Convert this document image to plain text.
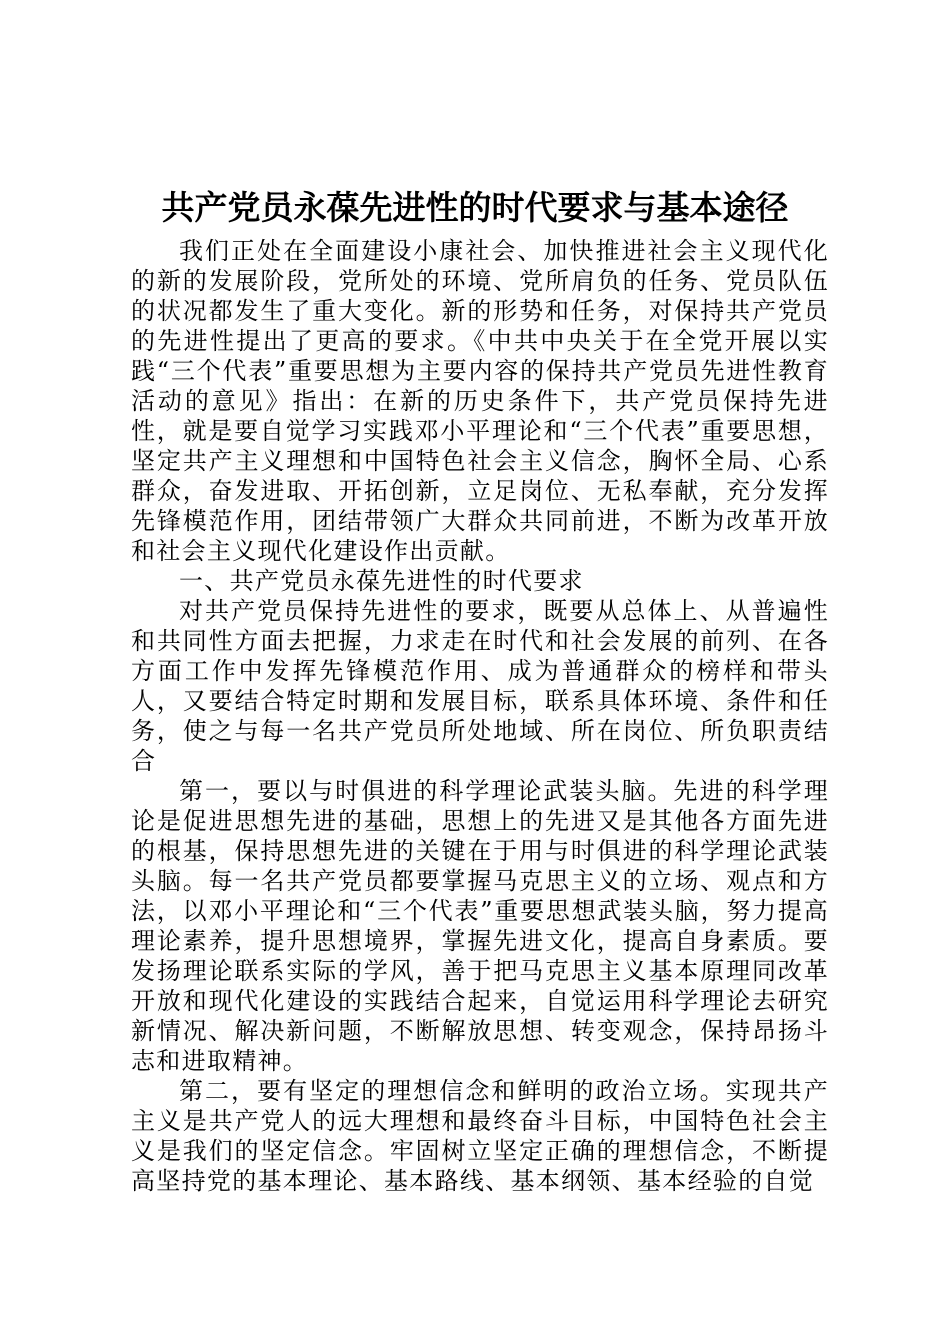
共产党员永葆先进性的时代要求与基本途径

我们正处在全面建设小康社会、加快推进社会主义现代化的新的发展阶段，党所处的环境、党所肩负的任务、党员队伍的状况都发生了重大变化。新的形势和任务，对保持共产党员的先进性提出了更高的要求。《中共中央关于在全党开展以实践“三个代表”重要思想为主要内容的保持共产党员先进性教育活动的意见》指出：在新的历史条件下，共产党员保持先进性，就是要自觉学习实践邓小平理论和“三个代表”重要思想，坚定共产主义理想和中国特色社会主义信念，胸怀全局、心系群众，奋发进取、开拓创新，立足岗位、无私奉献，充分发挥先锋模范作用，团结带领广大群众共同前进，不断为改革开放和社会主义现代化建设作出贡献。

一、共产党员永葆先进性的时代要求

对共产党员保持先进性的要求，既要从总体上、从普遍性和共同性方面去把握，力求走在时代和社会发展的前列、在各方面工作中发挥先锋模范作用、成为普通群众的榜样和带头人，又要结合特定时期和发展目标，联系具体环境、条件和任务，使之与每一名共产党员所处地域、所在岗位、所负职责结合

第一，要以与时俱进的科学理论武装头脑。先进的科学理论是促进思想先进的基础，思想上的先进又是其他各方面先进的根基，保持思想先进的关键在于用与时俱进的科学理论武装头脑。每一名共产党员都要掌握马克思主义的立场、观点和方法，以邓小平理论和“三个代表”重要思想武装头脑，努力提高理论素养，提升思想境界，掌握先进文化，提高自身素质。要发扬理论联系实际的学风，善于把马克思主义基本原理同改革开放和现代化建设的实践结合起来，自觉运用科学理论去研究新情况、解决新问题，不断解放思想、转变观念，保持昂扬斗志和进取精神。

第二，要有坚定的理想信念和鲜明的政治立场。实现共产主义是共产党人的远大理想和最终奋斗目标，中国特色社会主义是我们的坚定信念。牢固树立坚定正确的理想信念，不断提高坚持党的基本理论、基本路线、基本纲领、基本经验的自觉
